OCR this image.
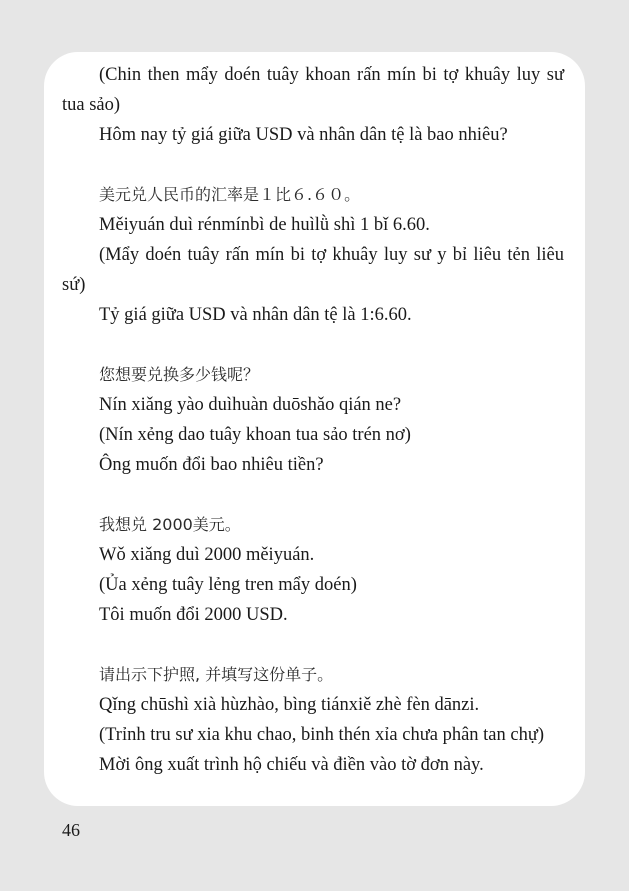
(Chin then mẩy doén tuây khoan rấn mín bi tợ khuây luy sư tua sảo)

Hôm nay tỷ giá giữa USD và nhân dân tệ là bao nhiêu?

美元兑人民币的汇率是１比６.６０。

Měiyuán duì rénmínbì de huìlǜ shì 1 bǐ 6.60.

(Mẩy doén tuây rấn mín bi tợ khuây luy sư y bỉ liêu tẻn liêu sứ)

Tỷ giá giữa USD và nhân dân tệ là 1:6.60.

您想要兑换多少钱呢？

Nín xiǎng yào duìhuàn duōshǎo qián ne?

(Nín xẻng dao tuây khoan tua sảo trén nơ)

Ông muốn đổi bao nhiêu tiền?

我想兑 2000美元。

Wǒ xiǎng duì 2000 měiyuán.

(Ủa xẻng tuây lẻng tren mẩy doén)

Tôi muốn đổi 2000 USD.

请出示下护照, 并填写这份单子。

Qǐng chūshì xià hùzhào, bìng tiánxiě zhè fèn dānzi.

(Trỉnh tru sư xia khu chao, binh thén xỉa chưa phân tan chự)

Mời ông xuất trình hộ chiếu và điền vào tờ đơn này.

46
